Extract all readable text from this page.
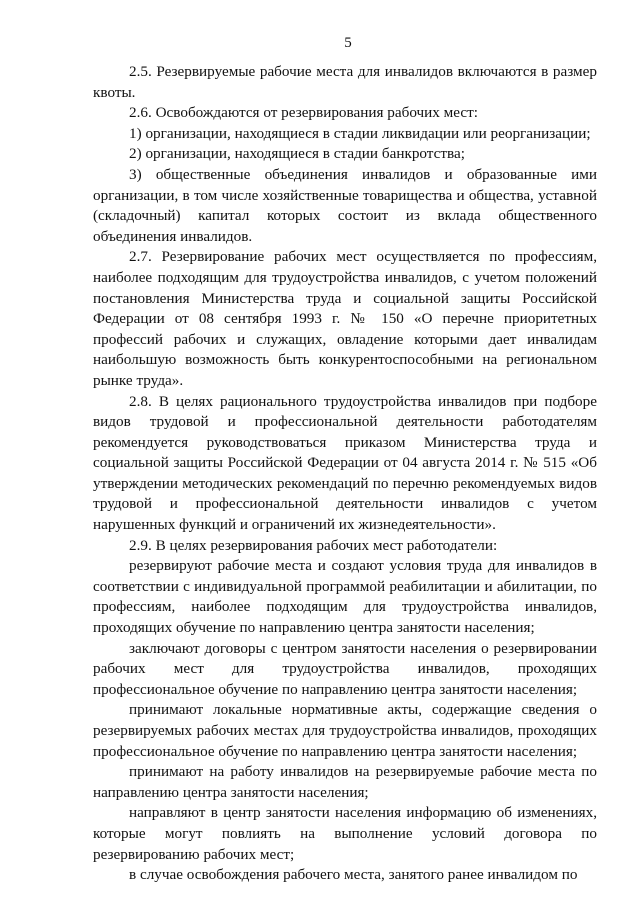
5

2.5. Резервируемые рабочие места для инвалидов включаются в размер квоты.

2.6. Освобождаются от резервирования рабочих мест:

1) организации, находящиеся в стадии ликвидации или реорганизации;

2) организации, находящиеся в стадии банкротства;

3) общественные объединения инвалидов и образованные ими организации, в том числе хозяйственные товарищества и общества, уставной (складочный) капитал которых состоит из вклада общественного объединения инвалидов.

2.7. Резервирование рабочих мест осуществляется по профессиям, наиболее подходящим для трудоустройства инвалидов, с учетом положений постановления Министерства труда и социальной защиты Российской Федерации от 08 сентября 1993 г. № 150 «О перечне приоритетных профессий рабочих и служащих, овладение которыми дает инвалидам наибольшую возможность быть конкурентоспособными на региональном рынке труда».

2.8. В целях рационального трудоустройства инвалидов при подборе видов трудовой и профессиональной деятельности работодателям рекомендуется руководствоваться приказом Министерства труда и социальной защиты Российской Федерации от 04 августа 2014 г. № 515 «Об утверждении методических рекомендаций по перечню рекомендуемых видов трудовой и профессиональной деятельности инвалидов с учетом нарушенных функций и ограничений их жизнедеятельности».

2.9. В целях резервирования рабочих мест работодатели:

резервируют рабочие места и создают условия труда для инвалидов в соответствии с индивидуальной программой реабилитации и абилитации, по профессиям, наиболее подходящим для трудоустройства инвалидов, проходящих обучение по направлению центра занятости населения;

заключают договоры с центром занятости населения о резервировании рабочих мест для трудоустройства инвалидов, проходящих профессиональное обучение по направлению центра занятости населения;

принимают локальные нормативные акты, содержащие сведения о резервируемых рабочих местах для трудоустройства инвалидов, проходящих профессиональное обучение по направлению центра занятости населения;

принимают на работу инвалидов на резервируемые рабочие места по направлению центра занятости населения;

направляют в центр занятости населения информацию об изменениях, которые могут повлиять на выполнение условий договора по резервированию рабочих мест;

в случае освобождения рабочего места, занятого ранее инвалидом по
